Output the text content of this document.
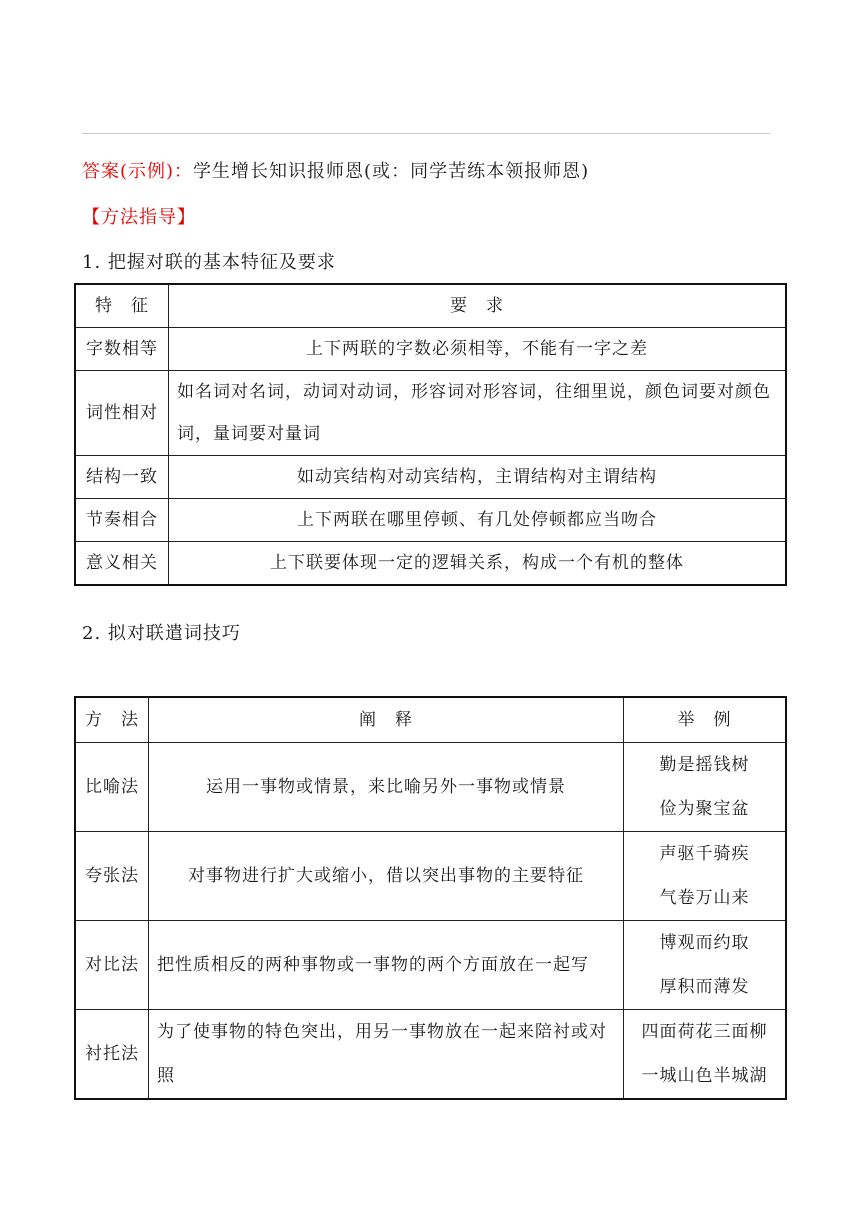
答案(示例)：学生增长知识报师恩(或：同学苦练本领报师恩)
【方法指导】
1. 把握对联的基本特征及要求
特　征	要　求
字数相等	上下两联的字数必须相等，不能有一字之差
词性相对	如名词对名词，动词对动词，形容词对形容词，往细里说，颜色词要对颜色词，量词要对量词
结构一致	如动宾结构对动宾结构，主谓结构对主谓结构
节奏相合	上下两联在哪里停顿、有几处停顿都应当吻合
意义相关	上下联要体现一定的逻辑关系，构成一个有机的整体
2. 拟对联遣词技巧
方　法	阐　释	举　例
比喻法	运用一事物或情景，来比喻另外一事物或情景	勤是摇钱树
俭为聚宝盆

夸张法	对事物进行扩大或缩小，借以突出事物的主要特征	声驱千骑疾
气卷万山来

对比法	把性质相反的两种事物或一事物的两个方面放在一起写	博观而约取
厚积而薄发

衬托法	为了使事物的特色突出，用另一事物放在一起来陪衬或对照	四面荷花三面柳
一城山色半城湖
